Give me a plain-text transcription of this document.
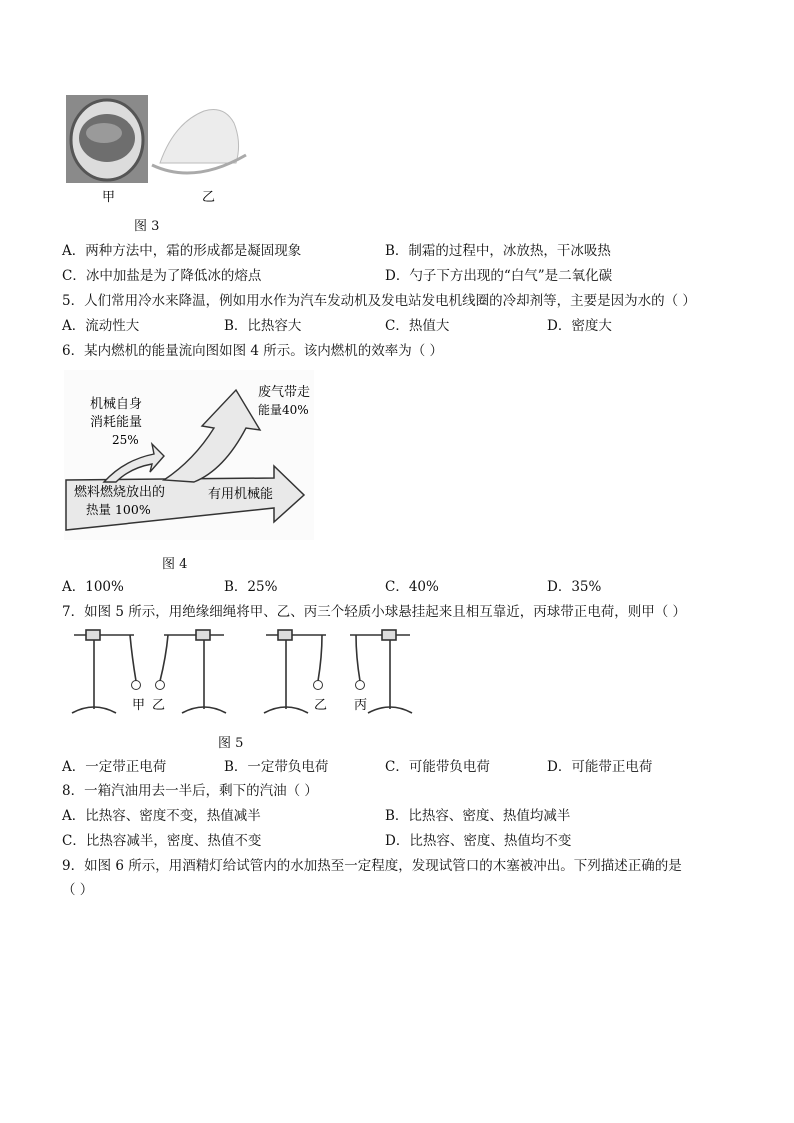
甲	乙
图 3
A．两种方法中，霜的形成都是凝固现象	B．制霜的过程中，冰放热，干冰吸热
C．冰中加盐是为了降低冰的熔点	D．勺子下方出现的“白气”是二氧化碳
5．人们常用冷水来降温，例如用水作为汽车发动机及发电站发电机线圈的冷却剂等，主要是因为水的（ ）
A．流动性大	B．比热容大	C．热值大	D．密度大
6．某内燃机的能量流向图如图 4 所示。该内燃机的效率为（ ）
机械自身
消耗能量
25%
废气带走
能量40%
燃料燃烧放出的
热量 100%
有用机械能
图 4
A．100%	B．25%	C．40%	D．35%
7．如图 5 所示，用绝缘细绳将甲、乙、丙三个轻质小球悬挂起来且相互靠近，丙球带正电荷，则甲（ ）
甲 乙	乙 丙
图 5
A．一定带正电荷	B．一定带负电荷	C．可能带负电荷	D．可能带正电荷
8．一箱汽油用去一半后，剩下的汽油（ ）
A．比热容、密度不变，热值减半	B．比热容、密度、热值均减半
C．比热容减半，密度、热值不变	D．比热容、密度、热值均不变
9．如图 6 所示，用酒精灯给试管内的水加热至一定程度，发现试管口的木塞被冲出。下列描述正确的是
（ ）
